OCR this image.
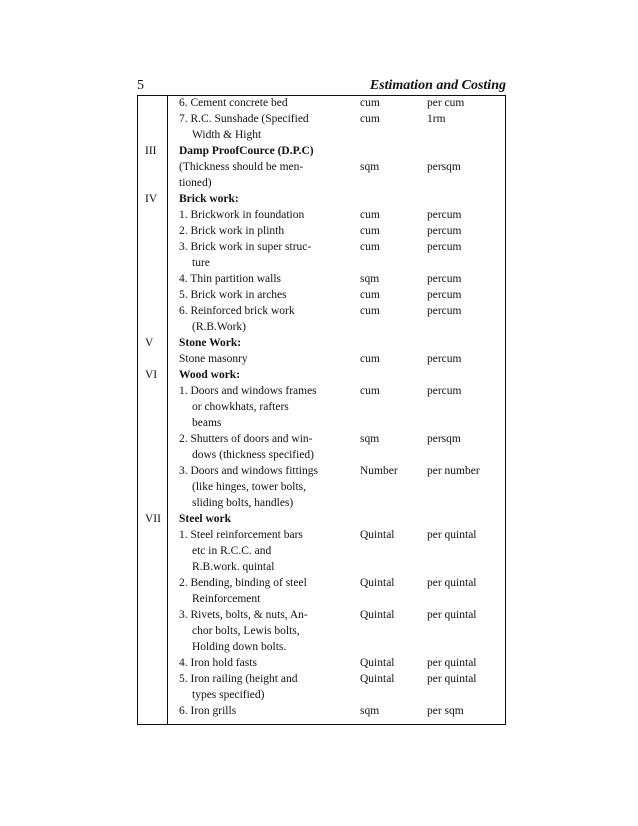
5	Estimation and Costing
6. Cement concrete bed	cum	per cum
7. R.C. Sunshade (Specified
Width & Hight
cum	1rm
III Damp ProofCource (D.P.C)
(Thickness should be men-
tioned)
sqm	persqm
IV Brick work:
1. Brickwork in foundation	cum	percum
2. Brick work in plinth	cum	percum
3. Brick work in super struc-
ture
cum	percum
4. Thin partition walls	sqm	percum
5. Brick work in arches	cum	percum
6. Reinforced brick work
(R.B.Work)
cum	percum
V Stone Work:
Stone masonry	cum	percum
VI Wood work:
1. Doors and windows frames
or chowkhats, rafters
beams
cum	percum
2. Shutters of doors and win-
dows (thickness specified)
sqm	persqm
3. Doors and windows fittings
(like hinges, tower bolts,
sliding bolts, handles)
Number	per number
VII Steel work
1. Steel reinforcement bars
etc in R.C.C. and
R.B.work. quintal
Quintal	per quintal
2. Bending, binding of steel
Reinforcement
Quintal	per quintal
3. Rivets, bolts, & nuts, An-
chor bolts, Lewis bolts,
Holding down bolts.
Quintal	per quintal
4. Iron hold fasts	Quintal	per quintal
5. Iron railing (height and
types specified)
Quintal	per quintal
6. Iron grills	sqm	per sqm
